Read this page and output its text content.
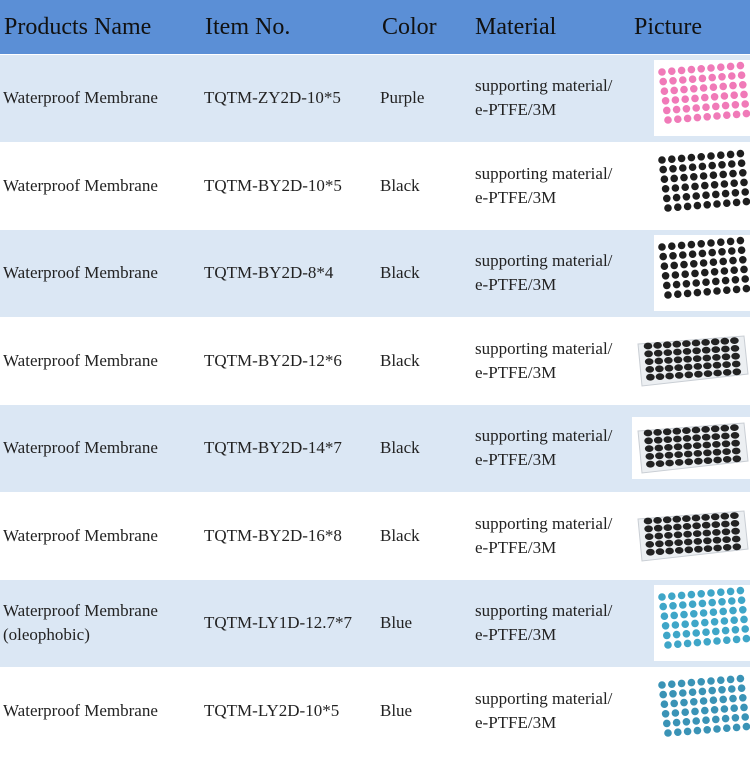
Products Name	Item No.	Color	Material	Picture
Waterproof Membrane	TQTM-ZY2D-10*5	Purple
supporting material/
e-PTFE/3M
Waterproof Membrane	TQTM-BY2D-10*5	Black
supporting material/
e-PTFE/3M
Waterproof Membrane	TQTM-BY2D-8*4	Black
supporting material/
e-PTFE/3M
Waterproof Membrane	TQTM-BY2D-12*6	Black
supporting material/
e-PTFE/3M
Waterproof Membrane	TQTM-BY2D-14*7	Black
supporting material/
e-PTFE/3M
Waterproof Membrane	TQTM-BY2D-16*8	Black
supporting material/
e-PTFE/3M
Waterproof Membrane
(oleophobic)
TQTM-LY1D-12.7*7	Blue
supporting material/
e-PTFE/3M
Waterproof Membrane	TQTM-LY2D-10*5	Blue
supporting material/
e-PTFE/3M
